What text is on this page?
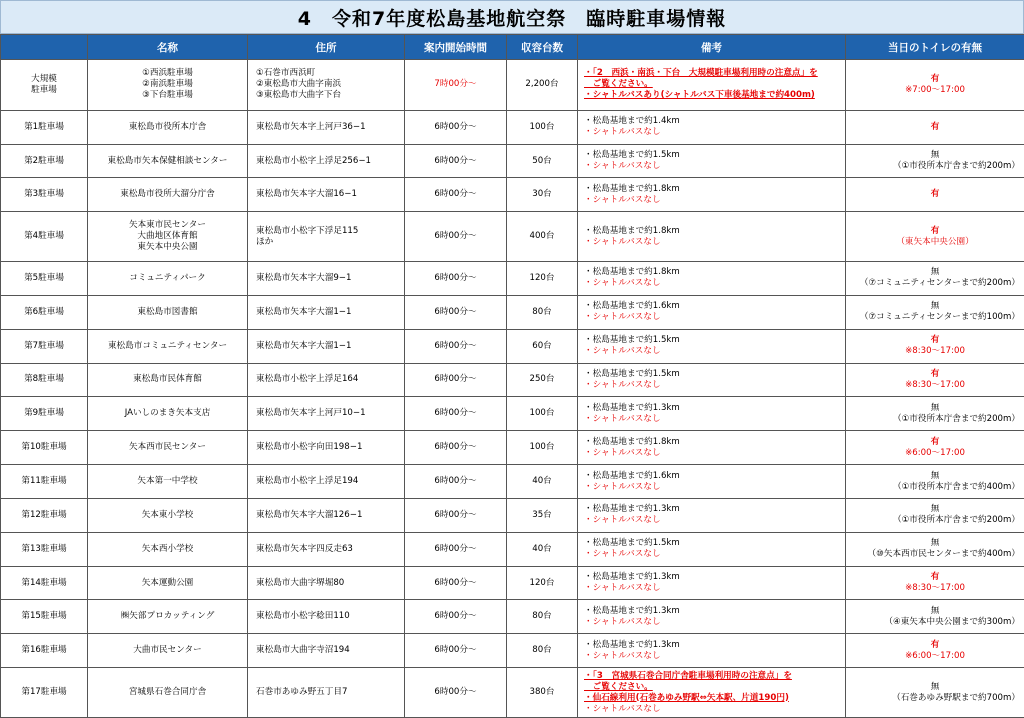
4　令和7年度松島基地航空祭　臨時駐車場情報
	名称	住所	案内開始時間	収容台数	備考	当日のトイレの有無

大規模
駐車場	①西浜駐車場
②南浜駐車場
③下台駐車場	①石巻市西浜町
②東松島市大曲字南浜
③東松島市大曲字下台	7時00分～	2,200台	・「2　西浜・南浜・下台　大規模駐車場利用時の注意点」を
　ご覧ください。
・シャトルバスあり(シャトルバス下車後基地まで約400m)	有
※7:00～17:00

第1駐車場	東松島市役所本庁舎	東松島市矢本字上河戸36−1	6時00分～	100台	・松島基地まで約1.4km
・シャトルバスなし	有

第2駐車場	東松島市矢本保健相談センター	東松島市小松字上浮足256−1	6時00分～	50台	・松島基地まで約1.5km
・シャトルバスなし	無
（①市役所本庁舎まで約200m）

第3駐車場	東松島市役所大溜分庁舎	東松島市矢本字大溜16−1	6時00分～	30台	・松島基地まで約1.8km
・シャトルバスなし	有

第4駐車場	矢本東市民センター
大曲地区体育館
東矢本中央公園	東松島市小松字下浮足115
ほか	6時00分～	400台	・松島基地まで約1.8km
・シャトルバスなし	有
（東矢本中央公園）

第5駐車場	コミュニティパーク	東松島市矢本字大溜9−1	6時00分～	120台	・松島基地まで約1.8km
・シャトルバスなし	無
（⑦コミュニティセンターまで約200m）

第6駐車場	東松島市図書館	東松島市矢本字大溜1−1	6時00分～	80台	・松島基地まで約1.6km
・シャトルバスなし	無
（⑦コミュニティセンターまで約100m）

第7駐車場	東松島市コミュニティセンター	東松島市矢本字大溜1−1	6時00分～	60台	・松島基地まで約1.5km
・シャトルバスなし	有
※8:30～17:00

第8駐車場	東松島市民体育館	東松島市小松字上浮足164	6時00分～	250台	・松島基地まで約1.5km
・シャトルバスなし	有
※8:30～17:00

第9駐車場	JAいしのまき矢本支店	東松島市矢本字上河戸10−1	6時00分～	100台	・松島基地まで約1.3km
・シャトルバスなし	無
（①市役所本庁舎まで約200m）

第10駐車場	矢本西市民センター	東松島市小松字向田198−1	6時00分～	100台	・松島基地まで約1.8km
・シャトルバスなし	有
※6:00～17:00

第11駐車場	矢本第一中学校	東松島市小松字上浮足194	6時00分～	40台	・松島基地まで約1.6km
・シャトルバスなし	無
（①市役所本庁舎まで約400m）

第12駐車場	矢本東小学校	東松島市矢本字大溜126−1	6時00分～	35台	・松島基地まで約1.3km
・シャトルバスなし	無
（①市役所本庁舎まで約200m）

第13駐車場	矢本西小学校	東松島市矢本字四反走63	6時00分～	40台	・松島基地まで約1.5km
・シャトルバスなし	無
（⑩矢本西市民センターまで約400m）

第14駐車場	矢本運動公園	東松島市大曲字堺堀80	6時00分～	120台	・松島基地まで約1.3km
・シャトルバスなし	有
※8:30～17:00

第15駐車場	㈱矢部プロカッティング	東松島市小松字稔田110	6時00分～	80台	・松島基地まで約1.3km
・シャトルバスなし	無
（④東矢本中央公園まで約300m）

第16駐車場	大曲市民センター	東松島市大曲字寺沼194	6時00分～	80台	・松島基地まで約1.3km
・シャトルバスなし	有
※6:00～17:00

第17駐車場	宮城県石巻合同庁舎	石巻市あゆみ野五丁目7	6時00分～	380台	・「3　宮城県石巻合同庁舎駐車場利用時の注意点」を
　ご覧ください。
・仙石線利用(石巻あゆみ野駅⇔矢本駅、片道190円)
・シャトルバスなし	無
（石巻あゆみ野駅まで約700m）
